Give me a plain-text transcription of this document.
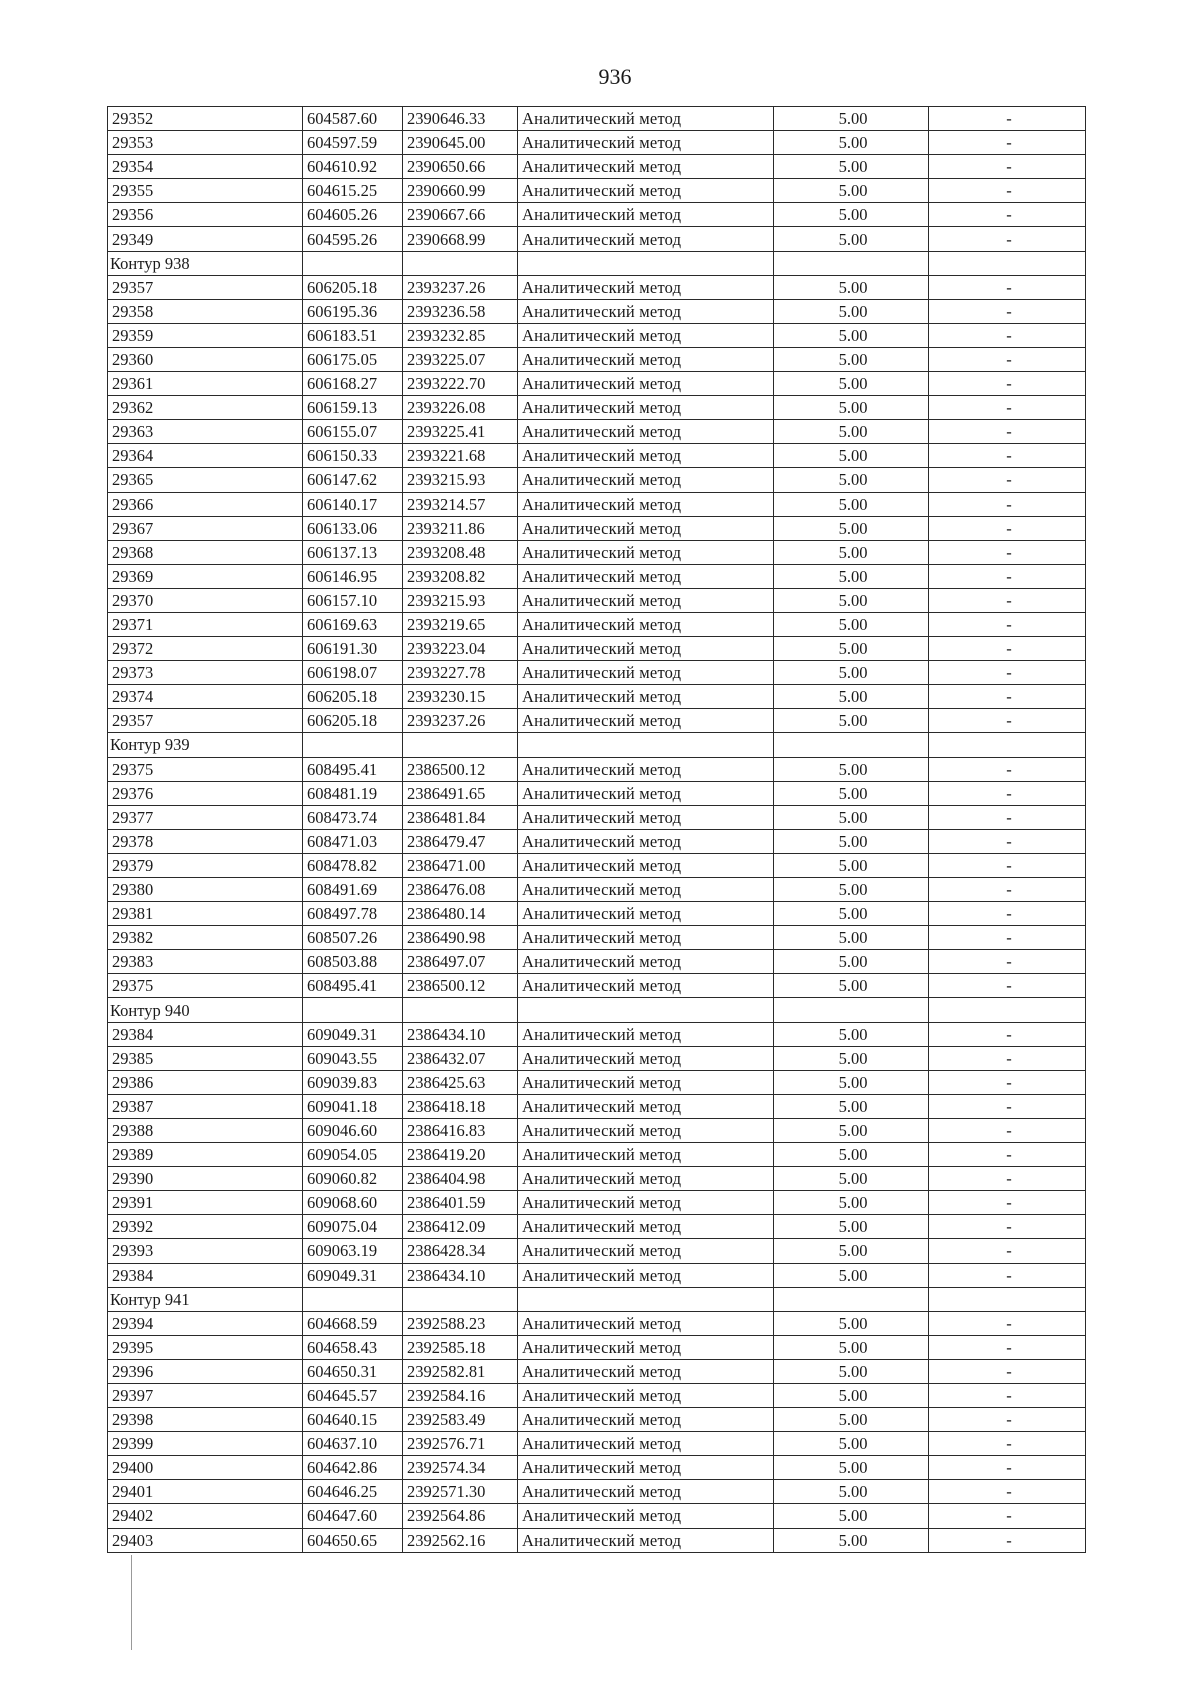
936
29352	604587.60	2390646.33	Аналитический метод	5.00	-
29353	604597.59	2390645.00	Аналитический метод	5.00	-
29354	604610.92	2390650.66	Аналитический метод	5.00	-
29355	604615.25	2390660.99	Аналитический метод	5.00	-
29356	604605.26	2390667.66	Аналитический метод	5.00	-
29349	604595.26	2390668.99	Аналитический метод	5.00	-
Контур 938					
29357	606205.18	2393237.26	Аналитический метод	5.00	-
29358	606195.36	2393236.58	Аналитический метод	5.00	-
29359	606183.51	2393232.85	Аналитический метод	5.00	-
29360	606175.05	2393225.07	Аналитический метод	5.00	-
29361	606168.27	2393222.70	Аналитический метод	5.00	-
29362	606159.13	2393226.08	Аналитический метод	5.00	-
29363	606155.07	2393225.41	Аналитический метод	5.00	-
29364	606150.33	2393221.68	Аналитический метод	5.00	-
29365	606147.62	2393215.93	Аналитический метод	5.00	-
29366	606140.17	2393214.57	Аналитический метод	5.00	-
29367	606133.06	2393211.86	Аналитический метод	5.00	-
29368	606137.13	2393208.48	Аналитический метод	5.00	-
29369	606146.95	2393208.82	Аналитический метод	5.00	-
29370	606157.10	2393215.93	Аналитический метод	5.00	-
29371	606169.63	2393219.65	Аналитический метод	5.00	-
29372	606191.30	2393223.04	Аналитический метод	5.00	-
29373	606198.07	2393227.78	Аналитический метод	5.00	-
29374	606205.18	2393230.15	Аналитический метод	5.00	-
29357	606205.18	2393237.26	Аналитический метод	5.00	-
Контур 939					
29375	608495.41	2386500.12	Аналитический метод	5.00	-
29376	608481.19	2386491.65	Аналитический метод	5.00	-
29377	608473.74	2386481.84	Аналитический метод	5.00	-
29378	608471.03	2386479.47	Аналитический метод	5.00	-
29379	608478.82	2386471.00	Аналитический метод	5.00	-
29380	608491.69	2386476.08	Аналитический метод	5.00	-
29381	608497.78	2386480.14	Аналитический метод	5.00	-
29382	608507.26	2386490.98	Аналитический метод	5.00	-
29383	608503.88	2386497.07	Аналитический метод	5.00	-
29375	608495.41	2386500.12	Аналитический метод	5.00	-
Контур 940					
29384	609049.31	2386434.10	Аналитический метод	5.00	-
29385	609043.55	2386432.07	Аналитический метод	5.00	-
29386	609039.83	2386425.63	Аналитический метод	5.00	-
29387	609041.18	2386418.18	Аналитический метод	5.00	-
29388	609046.60	2386416.83	Аналитический метод	5.00	-
29389	609054.05	2386419.20	Аналитический метод	5.00	-
29390	609060.82	2386404.98	Аналитический метод	5.00	-
29391	609068.60	2386401.59	Аналитический метод	5.00	-
29392	609075.04	2386412.09	Аналитический метод	5.00	-
29393	609063.19	2386428.34	Аналитический метод	5.00	-
29384	609049.31	2386434.10	Аналитический метод	5.00	-
Контур 941					
29394	604668.59	2392588.23	Аналитический метод	5.00	-
29395	604658.43	2392585.18	Аналитический метод	5.00	-
29396	604650.31	2392582.81	Аналитический метод	5.00	-
29397	604645.57	2392584.16	Аналитический метод	5.00	-
29398	604640.15	2392583.49	Аналитический метод	5.00	-
29399	604637.10	2392576.71	Аналитический метод	5.00	-
29400	604642.86	2392574.34	Аналитический метод	5.00	-
29401	604646.25	2392571.30	Аналитический метод	5.00	-
29402	604647.60	2392564.86	Аналитический метод	5.00	-
29403	604650.65	2392562.16	Аналитический метод	5.00	-
